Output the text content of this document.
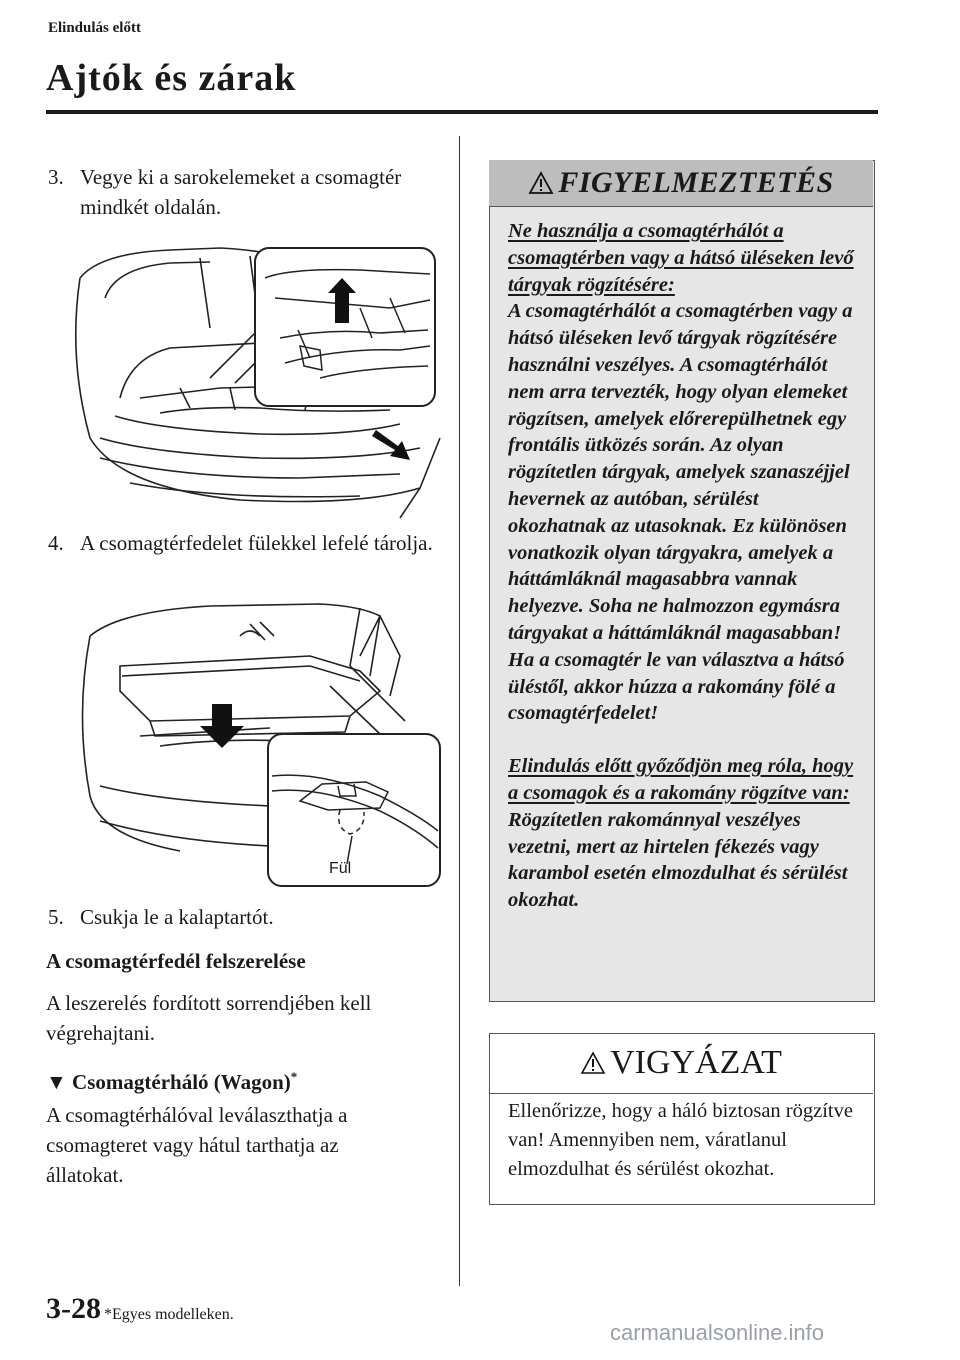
Elindulás előtt
Ajtók és zárak
3. Vegye ki a sarokelemeket a csomagtér mindkét oldalán.
4. A csomagtérfedelet fülekkel lefelé tárolja.
Fül
5. Csukja le a kalaptartót.
A csomagtérfedél felszerelése
A leszerelés fordított sorrendjében kell végrehajtani.
▼ Csomagtérháló (Wagon)*
A csomagtérhálóval leválaszthatja a csomagteret vagy hátul tarthatja az állatokat.
FIGYELMEZTETÉS

Ne használja a csomagtérhálót a csomagtérben vagy a hátsó üléseken levő tárgyak rögzítésére:

A csomagtérhálót a csomagtérben vagy a hátsó üléseken levő tárgyak rögzítésére használni veszélyes. A csomagtérhálót nem arra tervezték, hogy olyan elemeket rögzítsen, amelyek előrerepülhetnek egy frontális ütközés során. Az olyan rögzítetlen tárgyak, amelyek szanaszéjjel hevernek az autóban, sérülést okozhatnak az utasoknak. Ez különösen vonatkozik olyan tárgyakra, amelyek a háttámláknál magasabbra vannak helyezve. Soha ne halmozzon egymásra tárgyakat a háttámláknál magasabban! Ha a csomagtér le van választva a hátsó üléstől, akkor húzza a rakomány fölé a csomagtérfedelet!

Elindulás előtt győződjön meg róla, hogy a csomagok és a rakomány rögzítve van:

Rögzítetlen rakománnyal veszélyes vezetni, mert az hirtelen fékezés vagy karambol esetén elmozdulhat és sérülést okozhat.

VIGYÁZAT
Ellenőrizze, hogy a háló biztosan rögzítve van! Amennyiben nem, váratlanul elmozdulhat és sérülést okozhat.
3-28 *Egyes modelleken.
carmanualsonline.info
